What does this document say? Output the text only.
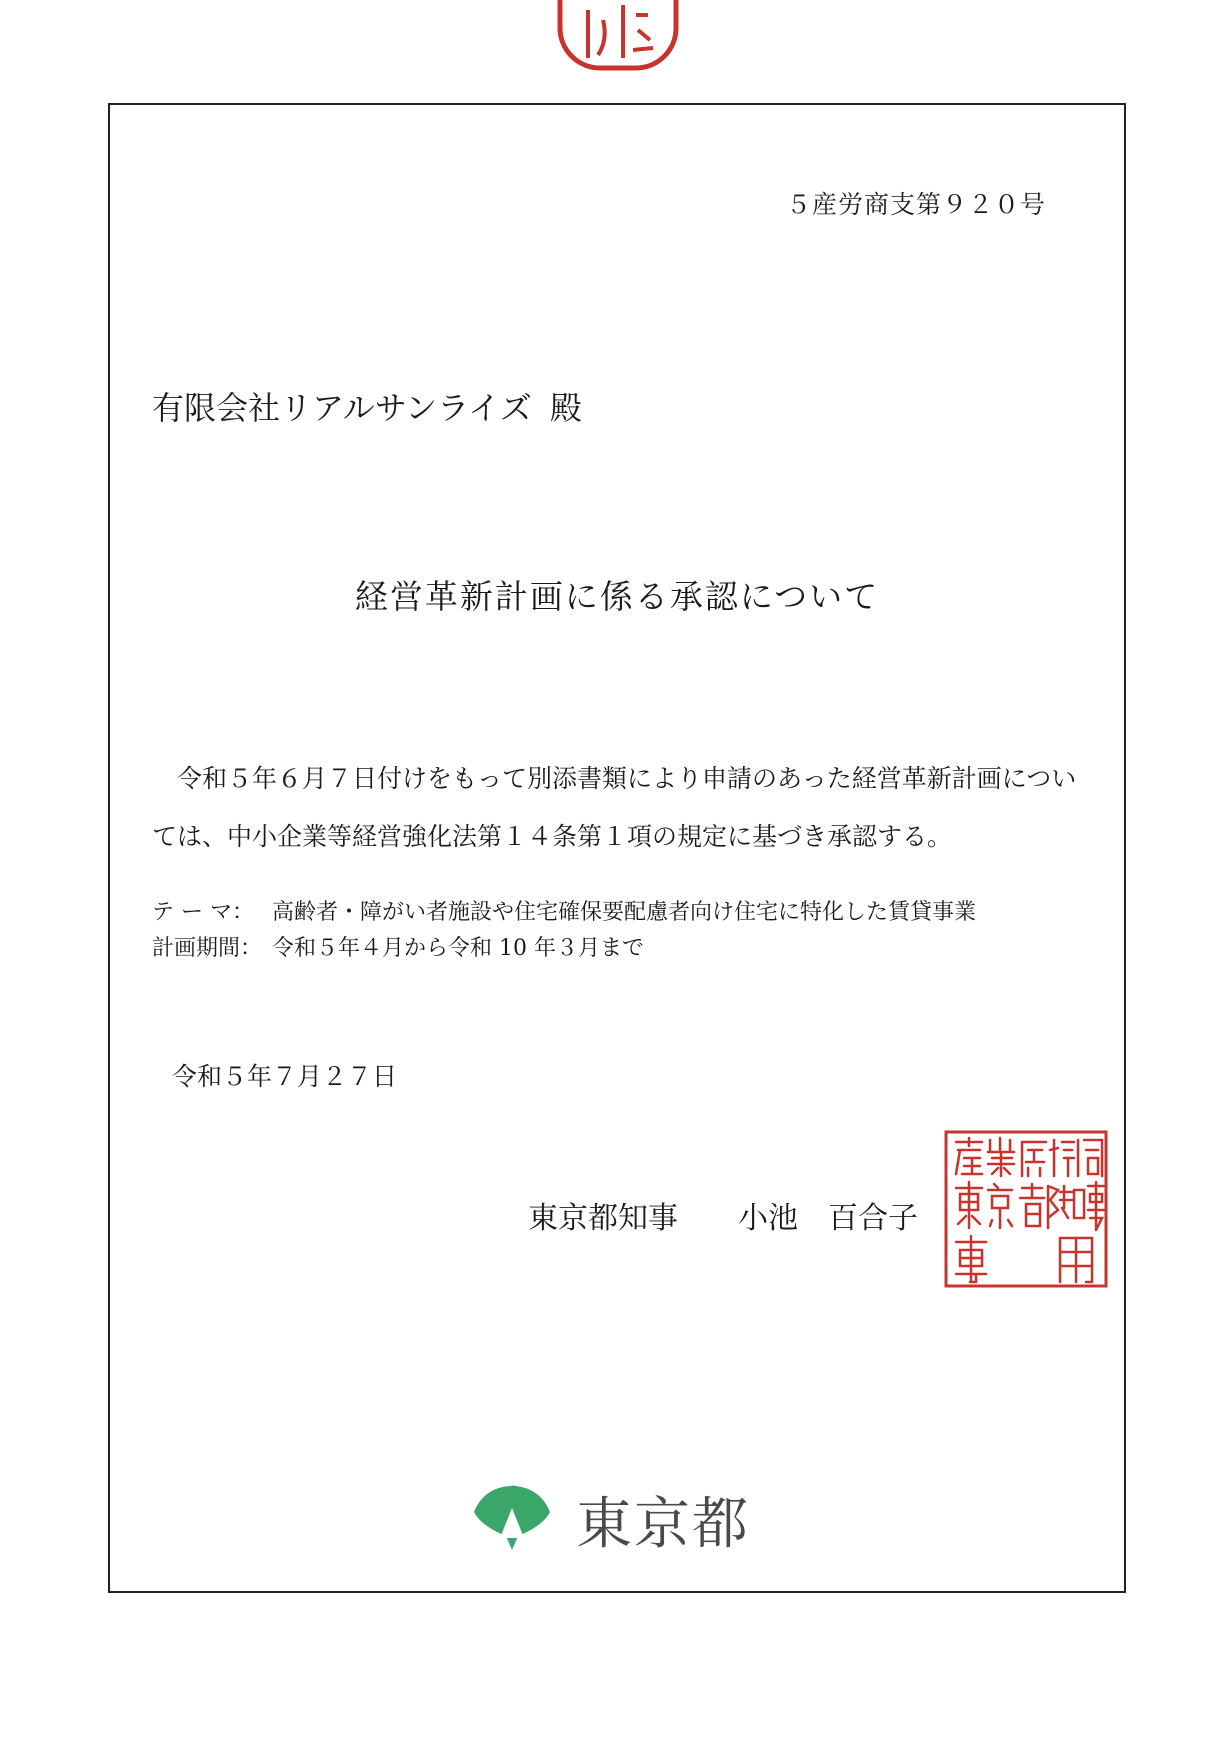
５産労商支第９２０号
有限会社リアルサンライズ 殿
経営革新計画に係る承認について
令和５年６月７日付けをもって別添書類により申請のあった経営革新計画については、中小企業等経営強化法第１４条第１項の規定に基づき承認する。
テ ー マ： 高齢者・障がい者施設や住宅確保要配慮者向け住宅に特化した賃貸事業
計画期間： 令和５年４月から令和 10 年３月まで
令和５年７月２７日
東京都知事 小池　百合子
東京都
